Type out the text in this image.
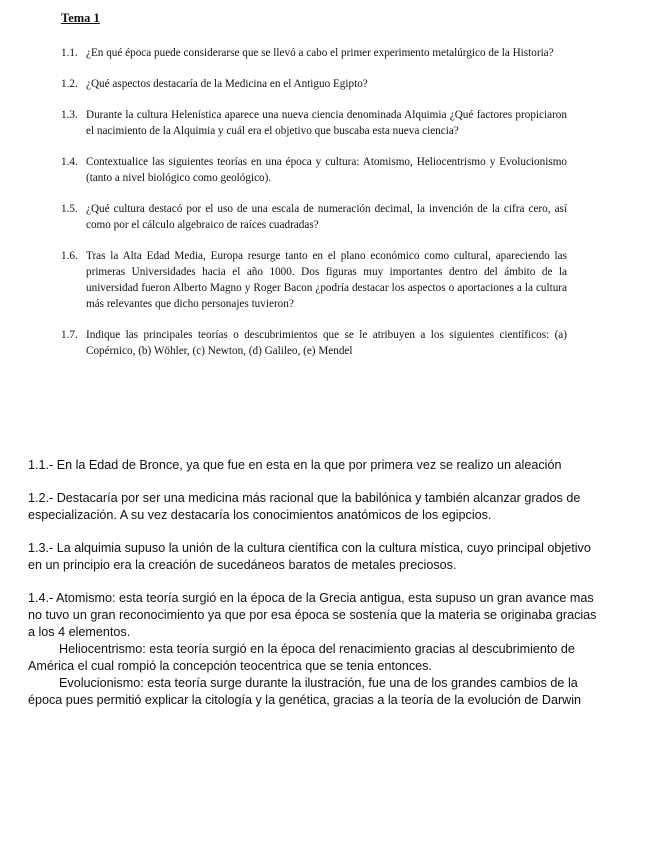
Tema 1
1.1. ¿En qué época puede considerarse que se llevó a cabo el primer experimento metalúrgico de la Historia?
1.2. ¿Qué aspectos destacaría de la Medicina en el Antiguo Egipto?
1.3. Durante la cultura Helenística aparece una nueva ciencia denominada Alquimia ¿Qué factores propiciaron el nacimiento de la Alquimia y cuál era el objetivo que buscaba esta nueva ciencia?
1.4. Contextualice las siguientes teorías en una época y cultura: Atomismo, Heliocentrismo y Evolucionismo (tanto a nivel biológico como geológico).
1.5. ¿Qué cultura destacó por el uso de una escala de numeración decimal, la invención de la cifra cero, así como por el cálculo algebraico de raíces cuadradas?
1.6. Tras la Alta Edad Media, Europa resurge tanto en el plano económico como cultural, apareciendo las primeras Universidades hacia el año 1000. Dos figuras muy importantes dentro del ámbito de la universidad fueron Alberto Magno y Roger Bacon ¿podría destacar los aspectos o aportaciones a la cultura más relevantes que dicho personajes tuvieron?
1.7. Indique las principales teorías o descubrimientos que se le atribuyen a los siguientes científicos: (a) Copérnico, (b) Wöhler, (c) Newton, (d) Galileo, (e) Mendel

1.1.- En la Edad de Bronce, ya que fue en esta en la que por primera vez se realizo un aleación

1.2.- Destacaría por ser una medicina más racional que la babilónica y también alcanzar grados de especialización. A su vez destacaría los conocimientos anatómicos de los egipcios.

1.3.- La alquimia supuso la unión de la cultura científica con la cultura mística, cuyo principal objetivo en un principio era la creación de sucedáneos baratos de metales preciosos.

1.4.- Atomismo: esta teoría surgió en la época de la Grecia antigua, esta supuso un gran avance mas no tuvo un gran reconocimiento ya que por esa época se sostenía que la materia se originaba gracias a los 4 elementos.
Heliocentrismo: esta teoría surgió en la época del renacimiento gracias al descubrimiento de América el cual rompió la concepción teocentrica que se tenia entonces.
Evolucionismo: esta teoría surge durante la ilustración, fue una de los grandes cambios de la época pues permitió explicar la citología y la genética, gracias a la teoría de la evolución de Darwin
